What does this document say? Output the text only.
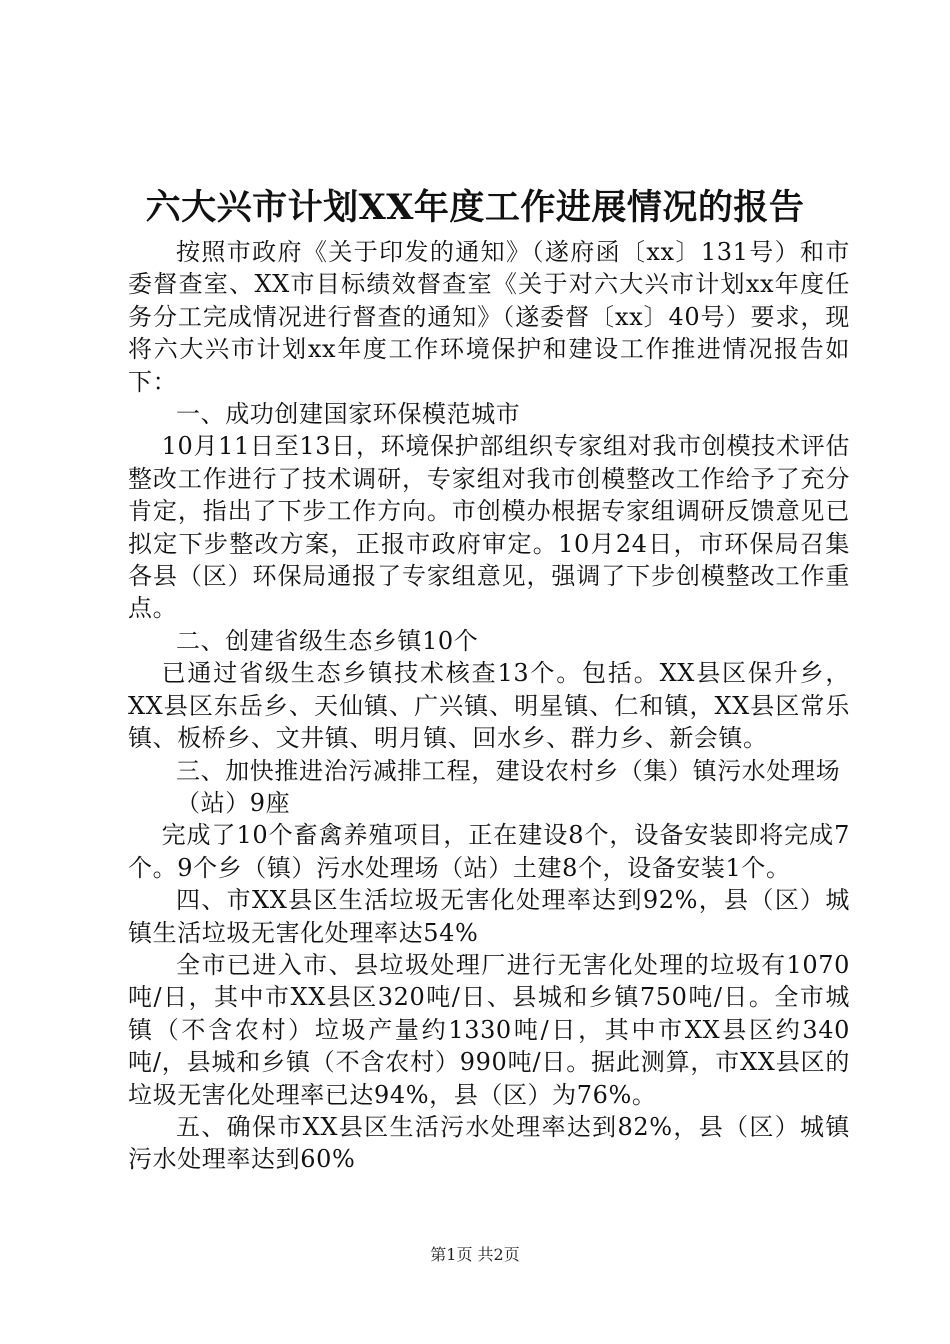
六大兴市计划XX年度工作进展情况的报告

按照市政府《关于印发的通知》（遂府函〔xx〕131号）和市委督查室、XX市目标绩效督查室《关于对六大兴市计划xx年度任务分工完成情况进行督查的通知》（遂委督〔xx〕40号）要求，现将六大兴市计划xx年度工作环境保护和建设工作推进情况报告如下：

一、成功创建国家环保模范城市

10月11日至13日，环境保护部组织专家组对我市创模技术评估整改工作进行了技术调研，专家组对我市创模整改工作给予了充分肯定，指出了下步工作方向。市创模办根据专家组调研反馈意见已拟定下步整改方案，正报市政府审定。10月24日，市环保局召集各县（区）环保局通报了专家组意见，强调了下步创模整改工作重点。

二、创建省级生态乡镇10个

已通过省级生态乡镇技术核查13个。包括。XX县区保升乡，XX县区东岳乡、天仙镇、广兴镇、明星镇、仁和镇，XX县区常乐镇、板桥乡、文井镇、明月镇、回水乡、群力乡、新会镇。

三、加快推进治污减排工程，建设农村乡（集）镇污水处理场

（站）9座

完成了10个畜禽养殖项目，正在建设8个，设备安装即将完成7个。9个乡（镇）污水处理场（站）土建8个，设备安装1个。

四、市XX县区生活垃圾无害化处理率达到92%，县（区）城镇生活垃圾无害化处理率达54%

全市已进入市、县垃圾处理厂进行无害化处理的垃圾有1070吨/日，其中市XX县区320吨/日、县城和乡镇750吨/日。全市城镇（不含农村）垃圾产量约1330吨/日，其中市XX县区约340吨/，县城和乡镇（不含农村）990吨/日。据此测算，市XX县区的垃圾无害化处理率已达94%，县（区）为76%。

五、确保市XX县区生活污水处理率达到82%，县（区）城镇污水处理率达到60%

第1页 共2页
